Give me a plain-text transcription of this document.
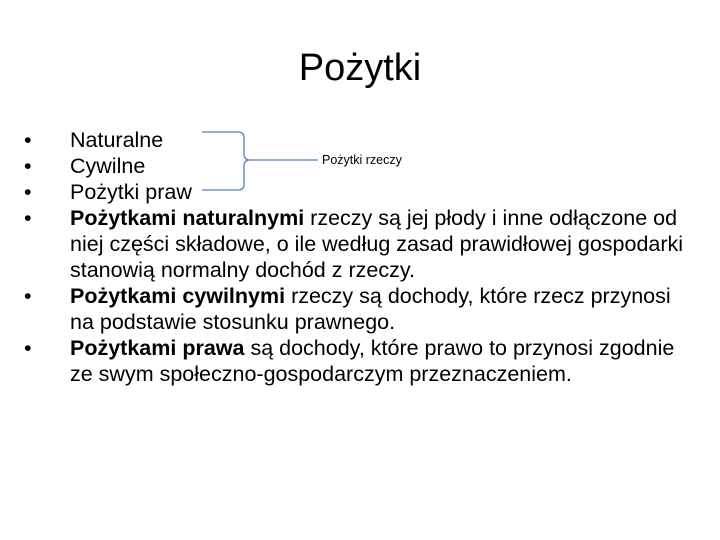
Pożytki
• Naturalne
• Cywilne
• Pożytki praw
• Pożytkami naturalnymi rzeczy są jej płody i inne odłączone od niej części składowe, o ile według zasad prawidłowej gospodarki stanowią normalny dochód z rzeczy.
• Pożytkami cywilnymi rzeczy są dochody, które rzecz przynosi na podstawie stosunku prawnego.
• Pożytkami prawa są dochody, które prawo to przynosi zgodnie ze swym społeczno-gospodarczym przeznaczeniem.
Pożytki rzeczy
